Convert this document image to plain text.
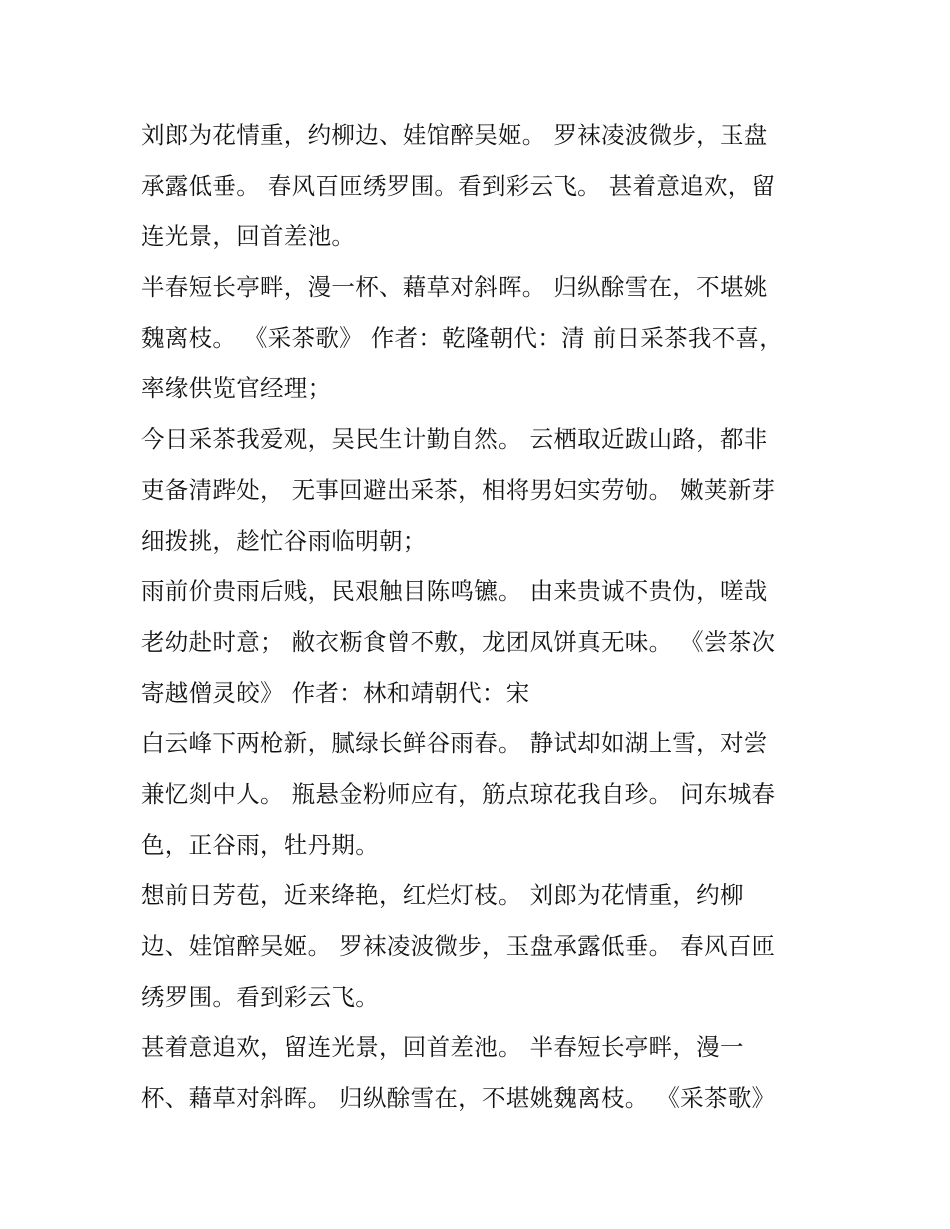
刘郎为花情重，约柳边、娃馆醉吴姬。 罗袜凌波微步，玉盘
承露低垂。 春风百匝绣罗围。看到彩云飞。 甚着意追欢，留
连光景，回首差池。
半春短长亭畔，漫一杯、藉草对斜晖。 归纵酴雪在，不堪姚
魏离枝。 《采茶歌》 作者：乾隆朝代：清 前日采茶我不喜，
率缘供览官经理；
今日采茶我爱观，吴民生计勤自然。 云栖取近跋山路，都非
吏备清跸处， 无事回避出采茶，相将男妇实劳劬。 嫩荚新芽
细拨挑，趁忙谷雨临明朝；
雨前价贵雨后贱，民艰触目陈鸣镳。 由来贵诚不贵伪，嗟哉
老幼赴时意； 敝衣粝食曾不敷，龙团凤饼真无味。 《尝茶次
寄越僧灵皎》 作者：林和靖朝代：宋
白云峰下两枪新，腻绿长鲜谷雨春。 静试却如湖上雪，对尝
兼忆剡中人。 瓶悬金粉师应有，筋点琼花我自珍。 问东城春
色，正谷雨，牡丹期。
想前日芳苞，近来绛艳，红烂灯枝。 刘郎为花情重，约柳
边、娃馆醉吴姬。 罗袜凌波微步，玉盘承露低垂。 春风百匝
绣罗围。看到彩云飞。
甚着意追欢，留连光景，回首差池。 半春短长亭畔，漫一
杯、藉草对斜晖。 归纵酴雪在，不堪姚魏离枝。 《采茶歌》
